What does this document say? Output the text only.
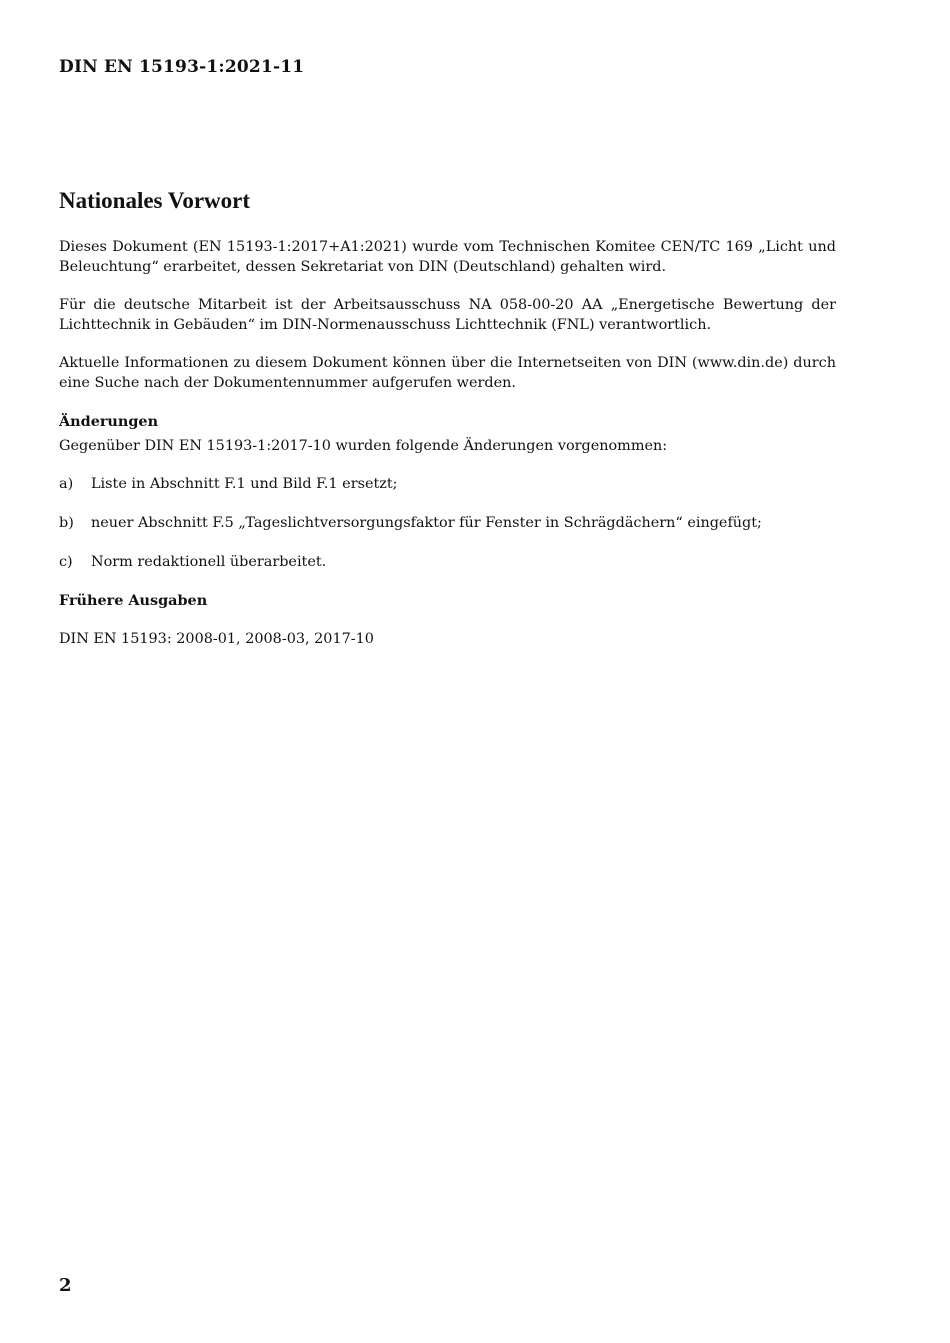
DIN EN 15193-1:2021-11
Nationales Vorwort

Dieses Dokument (EN 15193-1:2017+A1:2021) wurde vom Technischen Komitee CEN/TC 169 „Licht und Beleuchtung“ erarbeitet, dessen Sekretariat von DIN (Deutschland) gehalten wird.

Für die deutsche Mitarbeit ist der Arbeitsausschuss NA 058-00-20 AA „Energetische Bewertung der Lichttechnik in Gebäuden“ im DIN-Normenausschuss Lichttechnik (FNL) verantwortlich.

Aktuelle Informationen zu diesem Dokument können über die Internetseiten von DIN (www.din.de) durch eine Suche nach der Dokumentennummer aufgerufen werden.

Änderungen

Gegenüber DIN EN 15193-1:2017-10 wurden folgende Änderungen vorgenommen:

a)	Liste in Abschnitt F.1 und Bild F.1 ersetzt;
b)	neuer Abschnitt F.5 „Tageslichtversorgungsfaktor für Fenster in Schrägdächern“ eingefügt;
c)	Norm redaktionell überarbeitet.
Frühere Ausgaben

DIN EN 15193: 2008-01, 2008-03, 2017-10

2
